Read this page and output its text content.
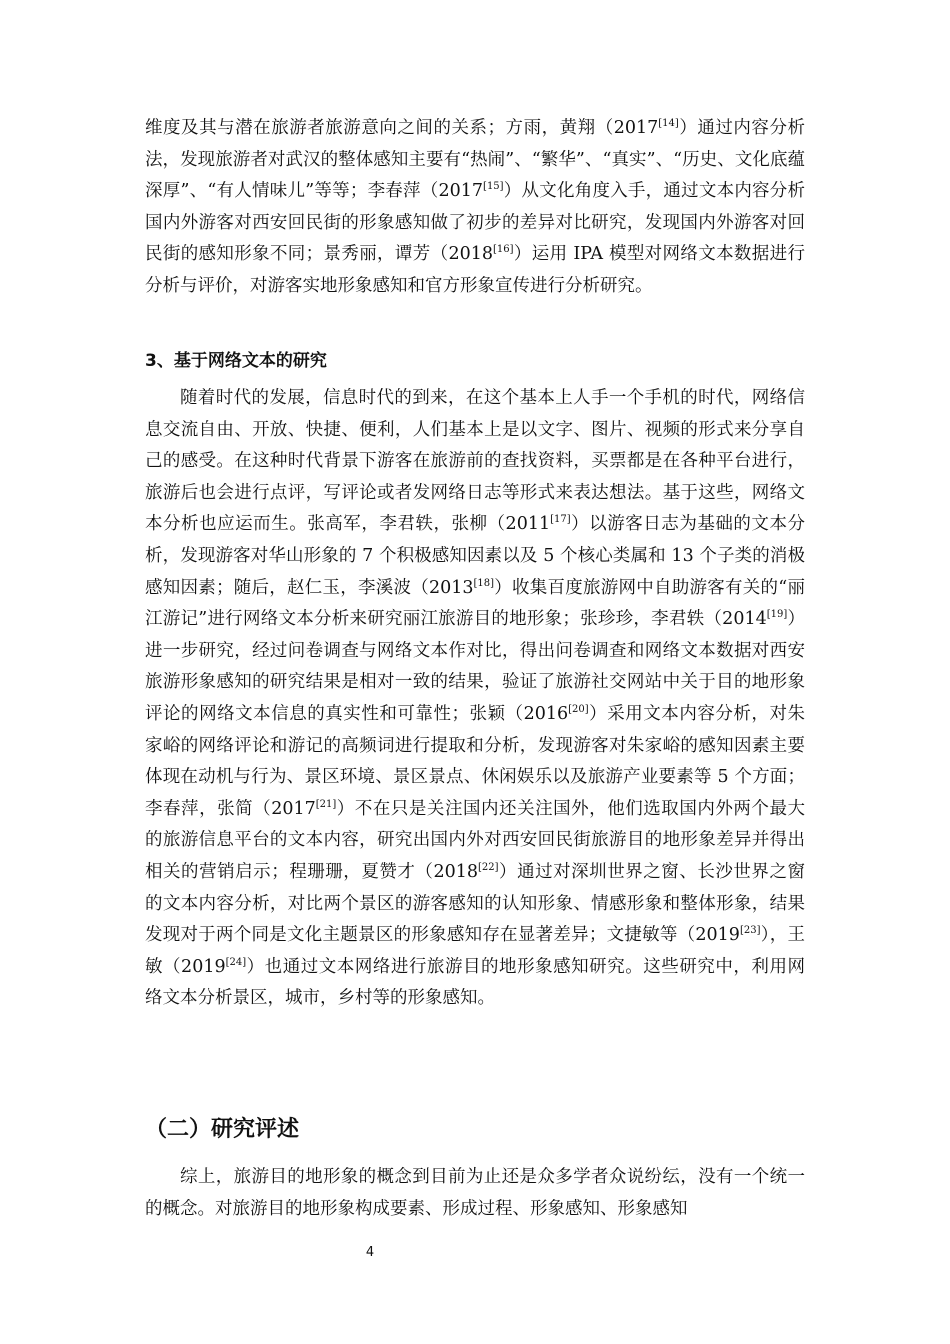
维度及其与潜在旅游者旅游意向之间的关系；方雨，黄翔（2017[14]）通过内容分析法，发现旅游者对武汉的整体感知主要有“热闹”、“繁华”、“真实”、“历史、文化底蕴深厚”、“有人情味儿”等等；李春萍（2017[15]）从文化角度入手，通过文本内容分析国内外游客对西安回民街的形象感知做了初步的差异对比研究，发现国内外游客对回民街的感知形象不同；景秀丽，谭芳（2018[16]）运用 IPA 模型对网络文本数据进行分析与评价，对游客实地形象感知和官方形象宣传进行分析研究。

3、基于网络文本的研究

随着时代的发展，信息时代的到来，在这个基本上人手一个手机的时代，网络信息交流自由、开放、快捷、便利，人们基本上是以文字、图片、视频的形式来分享自己的感受。在这种时代背景下游客在旅游前的查找资料，买票都是在各种平台进行，旅游后也会进行点评，写评论或者发网络日志等形式来表达想法。基于这些，网络文本分析也应运而生。张高军，李君轶，张柳（2011[17]）以游客日志为基础的文本分析，发现游客对华山形象的 7 个积极感知因素以及 5 个核心类属和 13 个子类的消极感知因素；随后，赵仁玉，李溪波（2013[18]）收集百度旅游网中自助游客有关的“丽江游记”进行网络文本分析来研究丽江旅游目的地形象；张珍珍，李君轶（2014[19]）进一步研究，经过问卷调查与网络文本作对比，得出问卷调查和网络文本数据对西安旅游形象感知的研究结果是相对一致的结果，验证了旅游社交网站中关于目的地形象评论的网络文本信息的真实性和可靠性；张颖（2016[20]）采用文本内容分析，对朱家峪的网络评论和游记的高频词进行提取和分析，发现游客对朱家峪的感知因素主要体现在动机与行为、景区环境、景区景点、休闲娱乐以及旅游产业要素等 5 个方面；李春萍，张简（2017[21]）不在只是关注国内还关注国外，他们选取国内外两个最大的旅游信息平台的文本内容，研究出国内外对西安回民街旅游目的地形象差异并得出相关的营销启示；程珊珊，夏赞才（2018[22]）通过对深圳世界之窗、长沙世界之窗的文本内容分析，对比两个景区的游客感知的认知形象、情感形象和整体形象，结果发现对于两个同是文化主题景区的形象感知存在显著差异；文捷敏等（2019[23]），王敏（2019[24]）也通过文本网络进行旅游目的地形象感知研究。这些研究中，利用网络文本分析景区，城市，乡村等的形象感知。

（二）研究评述

综上，旅游目的地形象的概念到目前为止还是众多学者众说纷纭，没有一个统一的概念。对旅游目的地形象构成要素、形成过程、形象感知、形象感知

4
